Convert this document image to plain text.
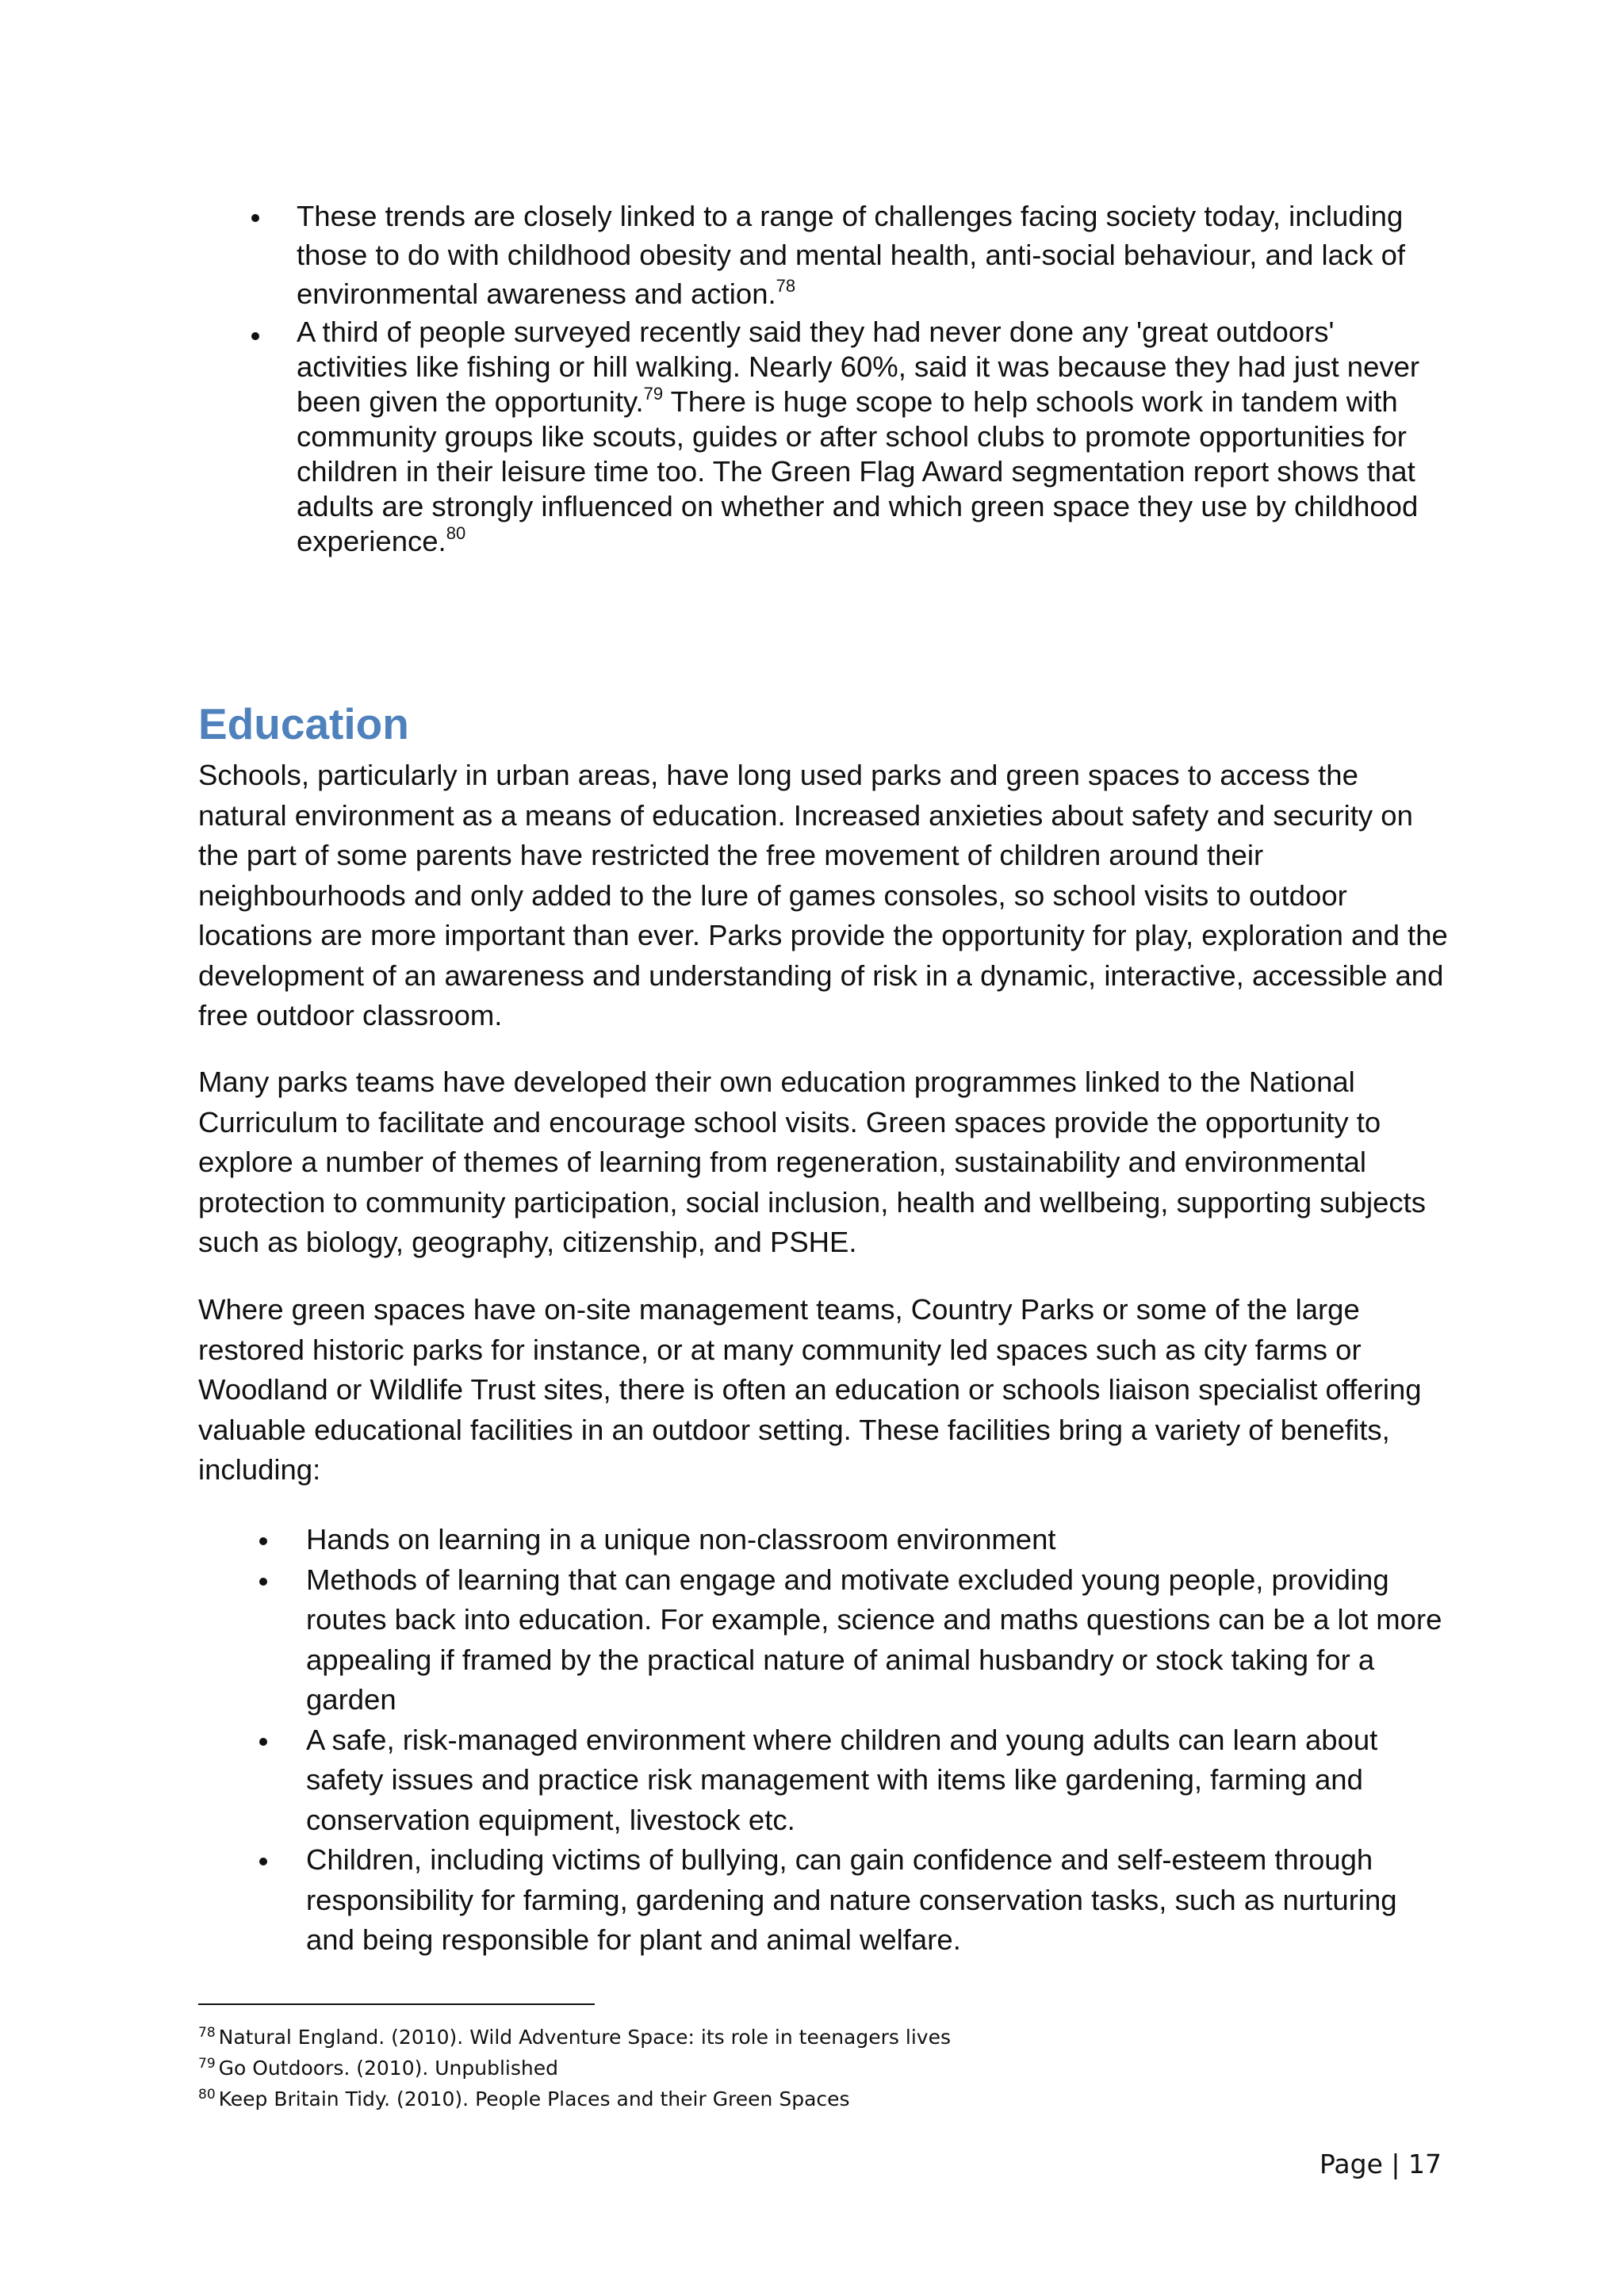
These trends are closely linked to a range of challenges facing society today, including those to do with childhood obesity and mental health, anti-social behaviour, and lack of environmental awareness and action.$^{78}$
A third of people surveyed recently said they had never done any 'great outdoors' activities like fishing or hill walking. Nearly 60%, said it was because they had just never been given the opportunity.$^{79}$ There is huge scope to help schools work in tandem with community groups like scouts, guides or after school clubs to promote opportunities for children in their leisure time too. The Green Flag Award segmentation report shows that adults are strongly influenced on whether and which green space they use by childhood experience.$^{80}$
Education

Schools, particularly in urban areas, have long used parks and green spaces to access the natural environment as a means of education. Increased anxieties about safety and security on the part of some parents have restricted the free movement of children around their neighbourhoods and only added to the lure of games consoles, so school visits to outdoor locations are more important than ever. Parks provide the opportunity for play, exploration and the development of an awareness and understanding of risk in a dynamic, interactive, accessible and free outdoor classroom.

Many parks teams have developed their own education programmes linked to the National Curriculum to facilitate and encourage school visits. Green spaces provide the opportunity to explore a number of themes of learning from regeneration, sustainability and environmental protection to community participation, social inclusion, health and wellbeing, supporting subjects such as biology, geography, citizenship, and PSHE.

Where green spaces have on-site management teams, Country Parks or some of the large restored historic parks for instance, or at many community led spaces such as city farms or Woodland or Wildlife Trust sites, there is often an education or schools liaison specialist offering valuable educational facilities in an outdoor setting. These facilities bring a variety of benefits, including:

Hands on learning in a unique non-classroom environment
Methods of learning that can engage and motivate excluded young people, providing routes back into education. For example, science and maths questions can be a lot more appealing if framed by the practical nature of animal husbandry or stock taking for a garden
A safe, risk-managed environment where children and young adults can learn about safety issues and practice risk management with items like gardening, farming and conservation equipment, livestock etc.
Children, including victims of bullying, can gain confidence and self-esteem through responsibility for farming, gardening and nature conservation tasks, such as nurturing and being responsible for plant and animal welfare.
$^{78}$ Natural England. (2010). Wild Adventure Space: its role in teenagers lives
$^{79}$ Go Outdoors. (2010). Unpublished
$^{80}$ Keep Britain Tidy. (2010). People Places and their Green Spaces
Page | 17
